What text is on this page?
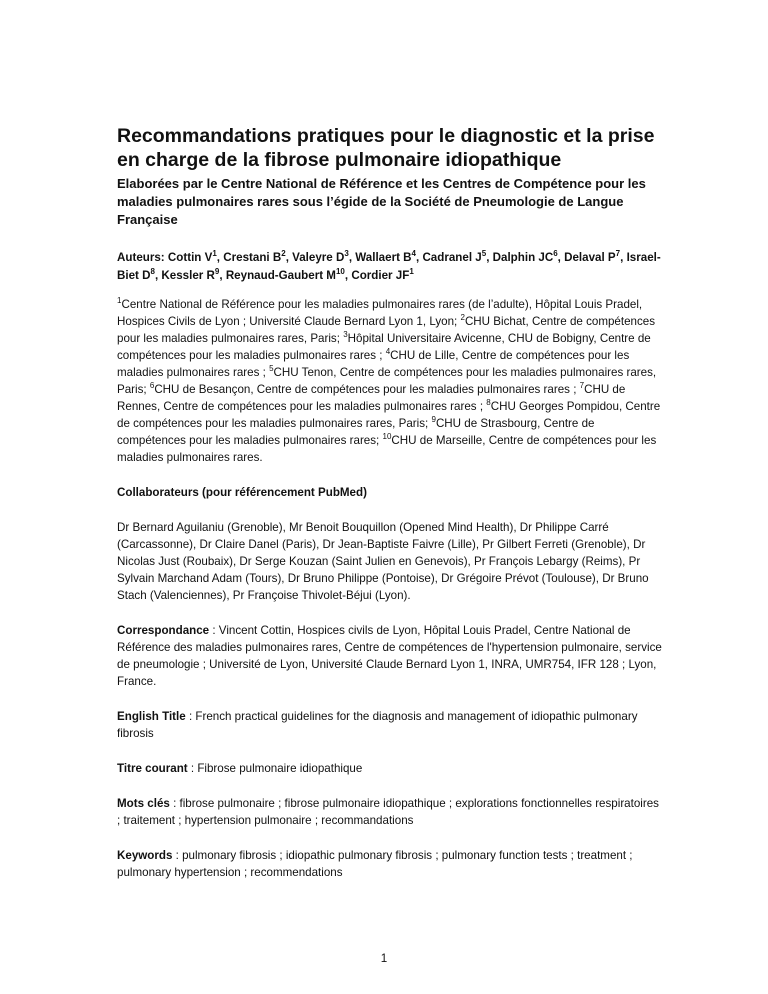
Recommandations pratiques pour le diagnostic et la prise en charge de la fibrose pulmonaire idiopathique
Elaborées par le Centre National de Référence et les Centres de Compétence pour les maladies pulmonaires rares sous l’égide de la Société de Pneumologie de Langue Française
Auteurs: Cottin $V^1$, Crestani $B^2$, Valeyre $D^3$, Wallaert $B^4$, Cadranel $J^5$, Dalphin $JC^6$, Delaval $P^7$, Israel-Biet $D^8$, Kessler $R^9$, Reynaud-Gaubert $M^{10}$, Cordier $JF^1$

$^1$Centre National de Référence pour les maladies pulmonaires rares (de l’adulte), Hôpital Louis Pradel, Hospices Civils de Lyon ; Université Claude Bernard Lyon 1, Lyon; $^2$CHU Bichat, Centre de compétences pour les maladies pulmonaires rares, Paris; $^3$Hôpital Universitaire Avicenne, CHU de Bobigny, Centre de compétences pour les maladies pulmonaires rares ; $^4$CHU de Lille, Centre de compétences pour les maladies pulmonaires rares ; $^5$CHU Tenon, Centre de compétences pour les maladies pulmonaires rares, Paris; $^6$CHU de Besançon, Centre de compétences pour les maladies pulmonaires rares ; $^7$CHU de Rennes, Centre de compétences pour les maladies pulmonaires rares ; $^8$CHU Georges Pompidou, Centre de compétences pour les maladies pulmonaires rares, Paris; $^9$CHU de Strasbourg, Centre de compétences pour les maladies pulmonaires rares; $^{10}$CHU de Marseille, Centre de compétences pour les maladies pulmonaires rares.

Collaborateurs (pour référencement PubMed)

Dr Bernard Aguilaniu (Grenoble), Mr Benoit Bouquillon (Opened Mind Health), Dr Philippe Carré (Carcassonne), Dr Claire Danel (Paris), Dr Jean-Baptiste Faivre (Lille), Pr Gilbert Ferreti (Grenoble), Dr Nicolas Just (Roubaix), Dr Serge Kouzan (Saint Julien en Genevois), Pr François Lebargy (Reims), Pr Sylvain Marchand Adam (Tours), Dr Bruno Philippe (Pontoise), Dr Grégoire Prévot (Toulouse), Dr Bruno Stach (Valenciennes), Pr Françoise Thivolet-Béjui (Lyon).

Correspondance : Vincent Cottin, Hospices civils de Lyon, Hôpital Louis Pradel, Centre National de Référence des maladies pulmonaires rares, Centre de compétences de l'hypertension pulmonaire, service de pneumologie ; Université de Lyon, Université Claude Bernard Lyon 1, INRA, UMR754, IFR 128 ; Lyon, France.

English Title : French practical guidelines for the diagnosis and management of idiopathic pulmonary fibrosis

Titre courant : Fibrose pulmonaire idiopathique

Mots clés : fibrose pulmonaire ; fibrose pulmonaire idiopathique ; explorations fonctionnelles respiratoires ; traitement ; hypertension pulmonaire ; recommandations

Keywords : pulmonary fibrosis ; idiopathic pulmonary fibrosis ; pulmonary function tests ; treatment ; pulmonary hypertension ; recommendations

1
